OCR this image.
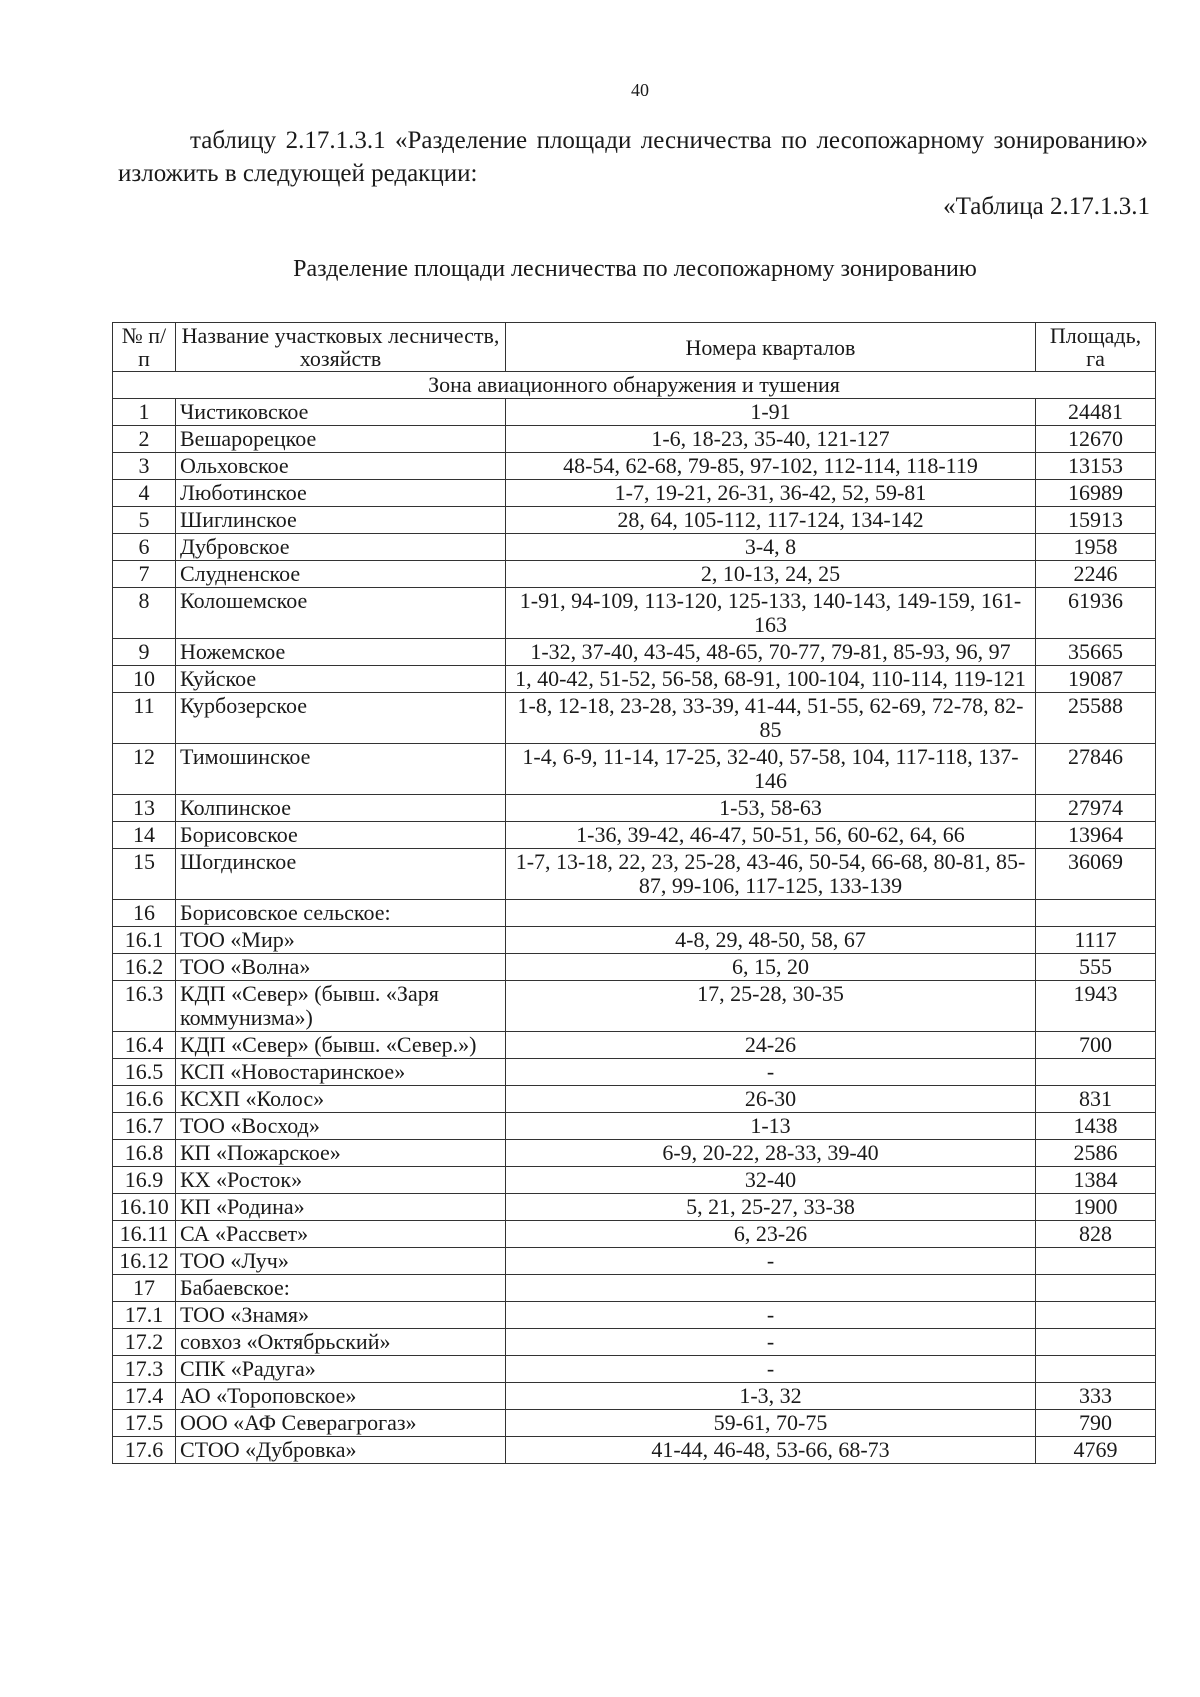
40

таблицу 2.17.1.3.1 «Разделение площади лесничества по лесопожарному зонированию» изложить в следующей редакции:

«Таблица 2.17.1.3.1
Разделение площади лесничества по лесопожарному зонированию
№ п/п	Название участковых лесничеств, хозяйств	Номера кварталов	Площадь, га
Зона авиационного обнаружения и тушения			
1	Чистиковское	1-91	24481
2	Вешарорецкое	1-6, 18-23, 35-40, 121-127	12670
3	Ольховское	48-54, 62-68, 79-85, 97-102, 112-114, 118-119	13153
4	Люботинское	1-7, 19-21, 26-31, 36-42, 52, 59-81	16989
5	Шиглинское	28, 64, 105-112, 117-124, 134-142	15913
6	Дубровское	3-4, 8	1958
7	Слудненское	2, 10-13, 24, 25	2246
8	Колошемское	1-91, 94-109, 113-120, 125-133, 140-143, 149-159, 161-163	61936
9	Ножемское	1-32, 37-40, 43-45, 48-65, 70-77, 79-81, 85-93, 96, 97	35665
10	Куйское	1, 40-42, 51-52, 56-58, 68-91, 100-104, 110-114, 119-121	19087
11	Курбозерское	1-8, 12-18, 23-28, 33-39, 41-44, 51-55, 62-69, 72-78, 82-85	25588
12	Тимошинское	1-4, 6-9, 11-14, 17-25, 32-40, 57-58, 104, 117-118, 137-146	27846
13	Колпинское	1-53, 58-63	27974
14	Борисовское	1-36, 39-42, 46-47, 50-51, 56, 60-62, 64, 66	13964
15	Шогдинское	1-7, 13-18, 22, 23, 25-28, 43-46, 50-54, 66-68, 80-81, 85-87, 99-106, 117-125, 133-139	36069
16	Борисовское сельское:		
16.1	ТОО «Мир»	4-8, 29, 48-50, 58, 67	1117
16.2	ТОО «Волна»	6, 15, 20	555
16.3	КДП «Север» (бывш. «Заря коммунизма»)	17, 25-28, 30-35	1943
16.4	КДП «Север» (бывш. «Север.»)	24-26	700
16.5	КСП «Новостаринское»	-	
16.6	КСХП «Колос»	26-30	831
16.7	ТОО «Восход»	1-13	1438
16.8	КП «Пожарское»	6-9, 20-22, 28-33, 39-40	2586
16.9	КХ «Росток»	32-40	1384
16.10	КП «Родина»	5, 21, 25-27, 33-38	1900
16.11	СА «Рассвет»	6, 23-26	828
16.12	ТОО «Луч»	-	
17	Бабаевское:		
17.1	ТОО «Знамя»	-	
17.2	совхоз «Октябрьский»	-	
17.3	СПК «Радуга»	-	
17.4	АО «Тороповское»	1-3, 32	333
17.5	ООО «АФ Северагрогаз»	59-61, 70-75	790
17.6	СТОО «Дубровка»	41-44, 46-48, 53-66, 68-73	4769
